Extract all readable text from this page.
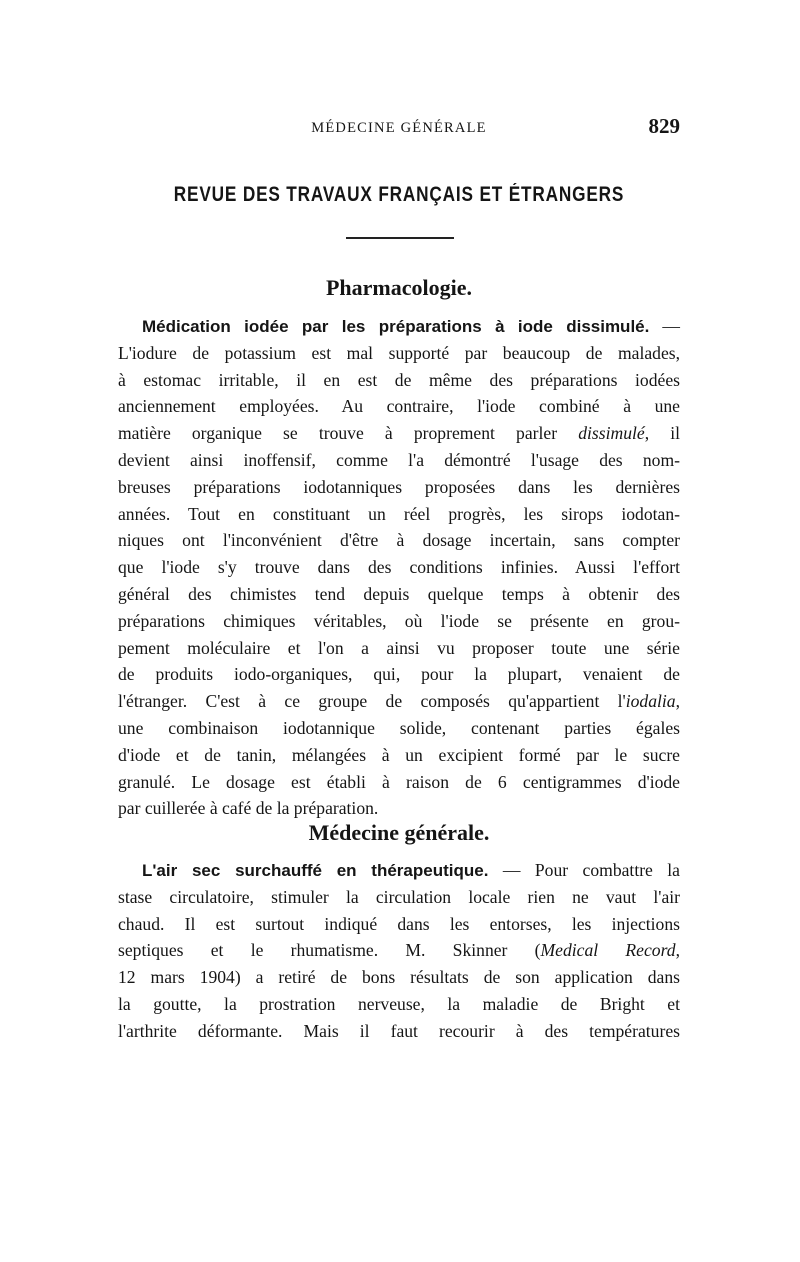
MÉDECINE GÉNÉRALE	829
REVUE DES TRAVAUX FRANÇAIS ET ÉTRANGERS
Pharmacologie.
Médication iodée par les préparations à iode dissimulé. —
L'iodure de potassium est mal supporté par beaucoup de malades,
à estomac irritable, il en est de même des préparations iodées
anciennement employées. Au contraire, l'iode combiné à une
matière organique se trouve à proprement parler dissimulé, il
devient ainsi inoffensif, comme l'a démontré l'usage des nom-
breuses préparations iodotanniques proposées dans les dernières
années. Tout en constituant un réel progrès, les sirops iodotan-
niques ont l'inconvénient d'être à dosage incertain, sans compter
que l'iode s'y trouve dans des conditions infinies. Aussi l'effort
général des chimistes tend depuis quelque temps à obtenir des
préparations chimiques véritables, où l'iode se présente en grou-
pement moléculaire et l'on a ainsi vu proposer toute une série
de produits iodo-organiques, qui, pour la plupart, venaient de
l'étranger. C'est à ce groupe de composés qu'appartient l'iodalia,
une combinaison iodotannique solide, contenant parties égales
d'iode et de tanin, mélangées à un excipient formé par le sucre
granulé. Le dosage est établi à raison de 6 centigrammes d'iode
par cuillerée à café de la préparation.
Médecine générale.
L'air sec surchauffé en thérapeutique. — Pour combattre la
stase circulatoire, stimuler la circulation locale rien ne vaut l'air
chaud. Il est surtout indiqué dans les entorses, les injections
septiques et le rhumatisme. M. Skinner (Medical Record,
12 mars 1904) a retiré de bons résultats de son application dans
la goutte, la prostration nerveuse, la maladie de Bright et
l'arthrite déformante. Mais il faut recourir à des températures
